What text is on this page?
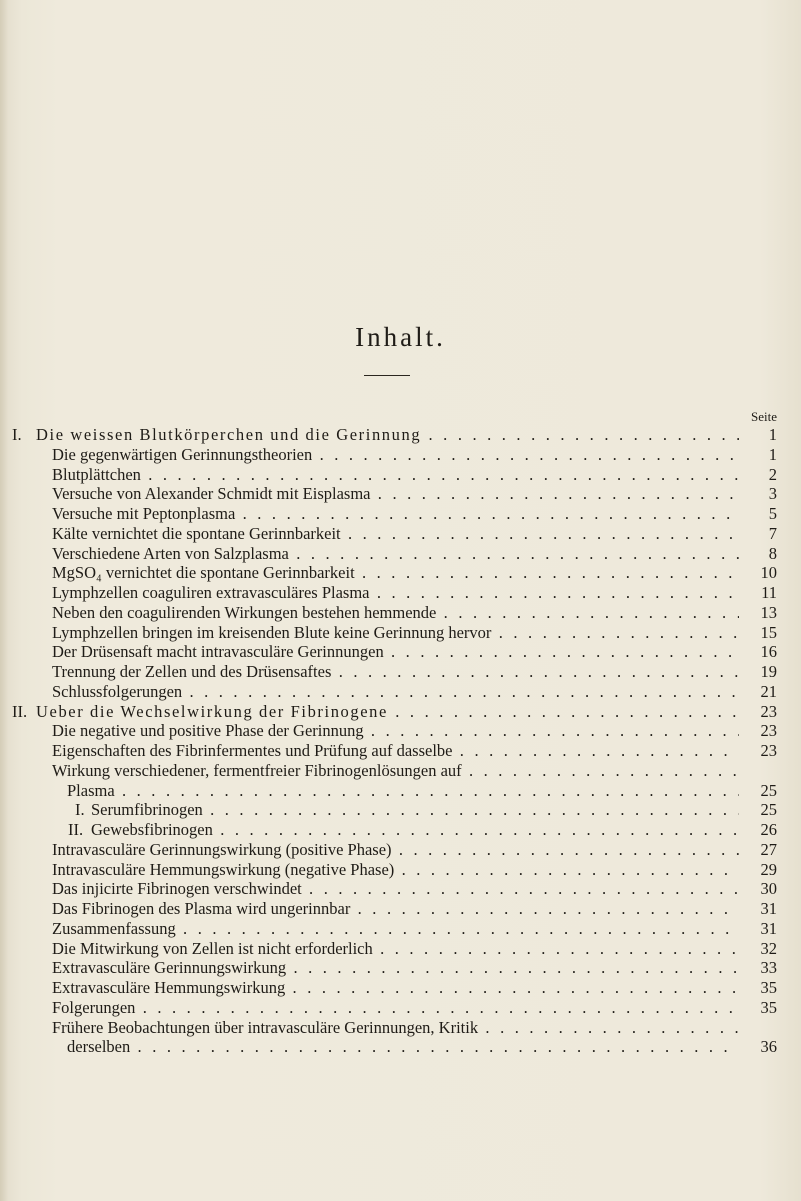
Inhalt.
Seite
I. Die weissen Blutkörperchen und die Gerinnung . . .	1
Die gegenwärtigen Gerinnungstheorien . . .	1
Blutplättchen . . .	2
Versuche von Alexander Schmidt mit Eisplasma . . .	3
Versuche mit Peptonplasma . . .	5
Kälte vernichtet die spontane Gerinnbarkeit . . .	7
Verschiedene Arten von Salzplasma . . .	8
MgSO₄ vernichtet die spontane Gerinnbarkeit . . .	10
Lymphzellen coaguliren extravasculäres Plasma . . .	11
Neben den coagulirenden Wirkungen bestehen hemmende . . .	13
Lymphzellen bringen im kreisenden Blute keine Gerinnung hervor . . .	15
Der Drüsensaft macht intravasculäre Gerinnungen . . .	16
Trennung der Zellen und des Drüsensaftes . . .	19
Schlussfolgerungen . . .	21
II. Ueber die Wechselwirkung der Fibrinogene . . .	23
Die negative und positive Phase der Gerinnung . . .	23
Eigenschaften des Fibrinfermentes und Prüfung auf dasselbe . . .	23
Wirkung verschiedener, fermentfreier Fibrinogenlösungen auf . . .
Plasma . . .	25
I. Serumfibrinogen . . .	25
II. Gewebsfibrinogen . . .	26
Intravasculäre Gerinnungswirkung (positive Phase) . . .	27
Intravasculäre Hemmungswirkung (negative Phase) . . .	29
Das injicirte Fibrinogen verschwindet . . .	30
Das Fibrinogen des Plasma wird ungerinnbar . . .	31
Zusammenfassung . . .	31
Die Mitwirkung von Zellen ist nicht erforderlich . . .	32
Extravasculäre Gerinnungswirkung . . .	33
Extravasculäre Hemmungswirkung . . .	35
Folgerungen . . .	35
Frühere Beobachtungen über intravasculäre Gerinnungen, Kritik . . .
derselben . . .	36
